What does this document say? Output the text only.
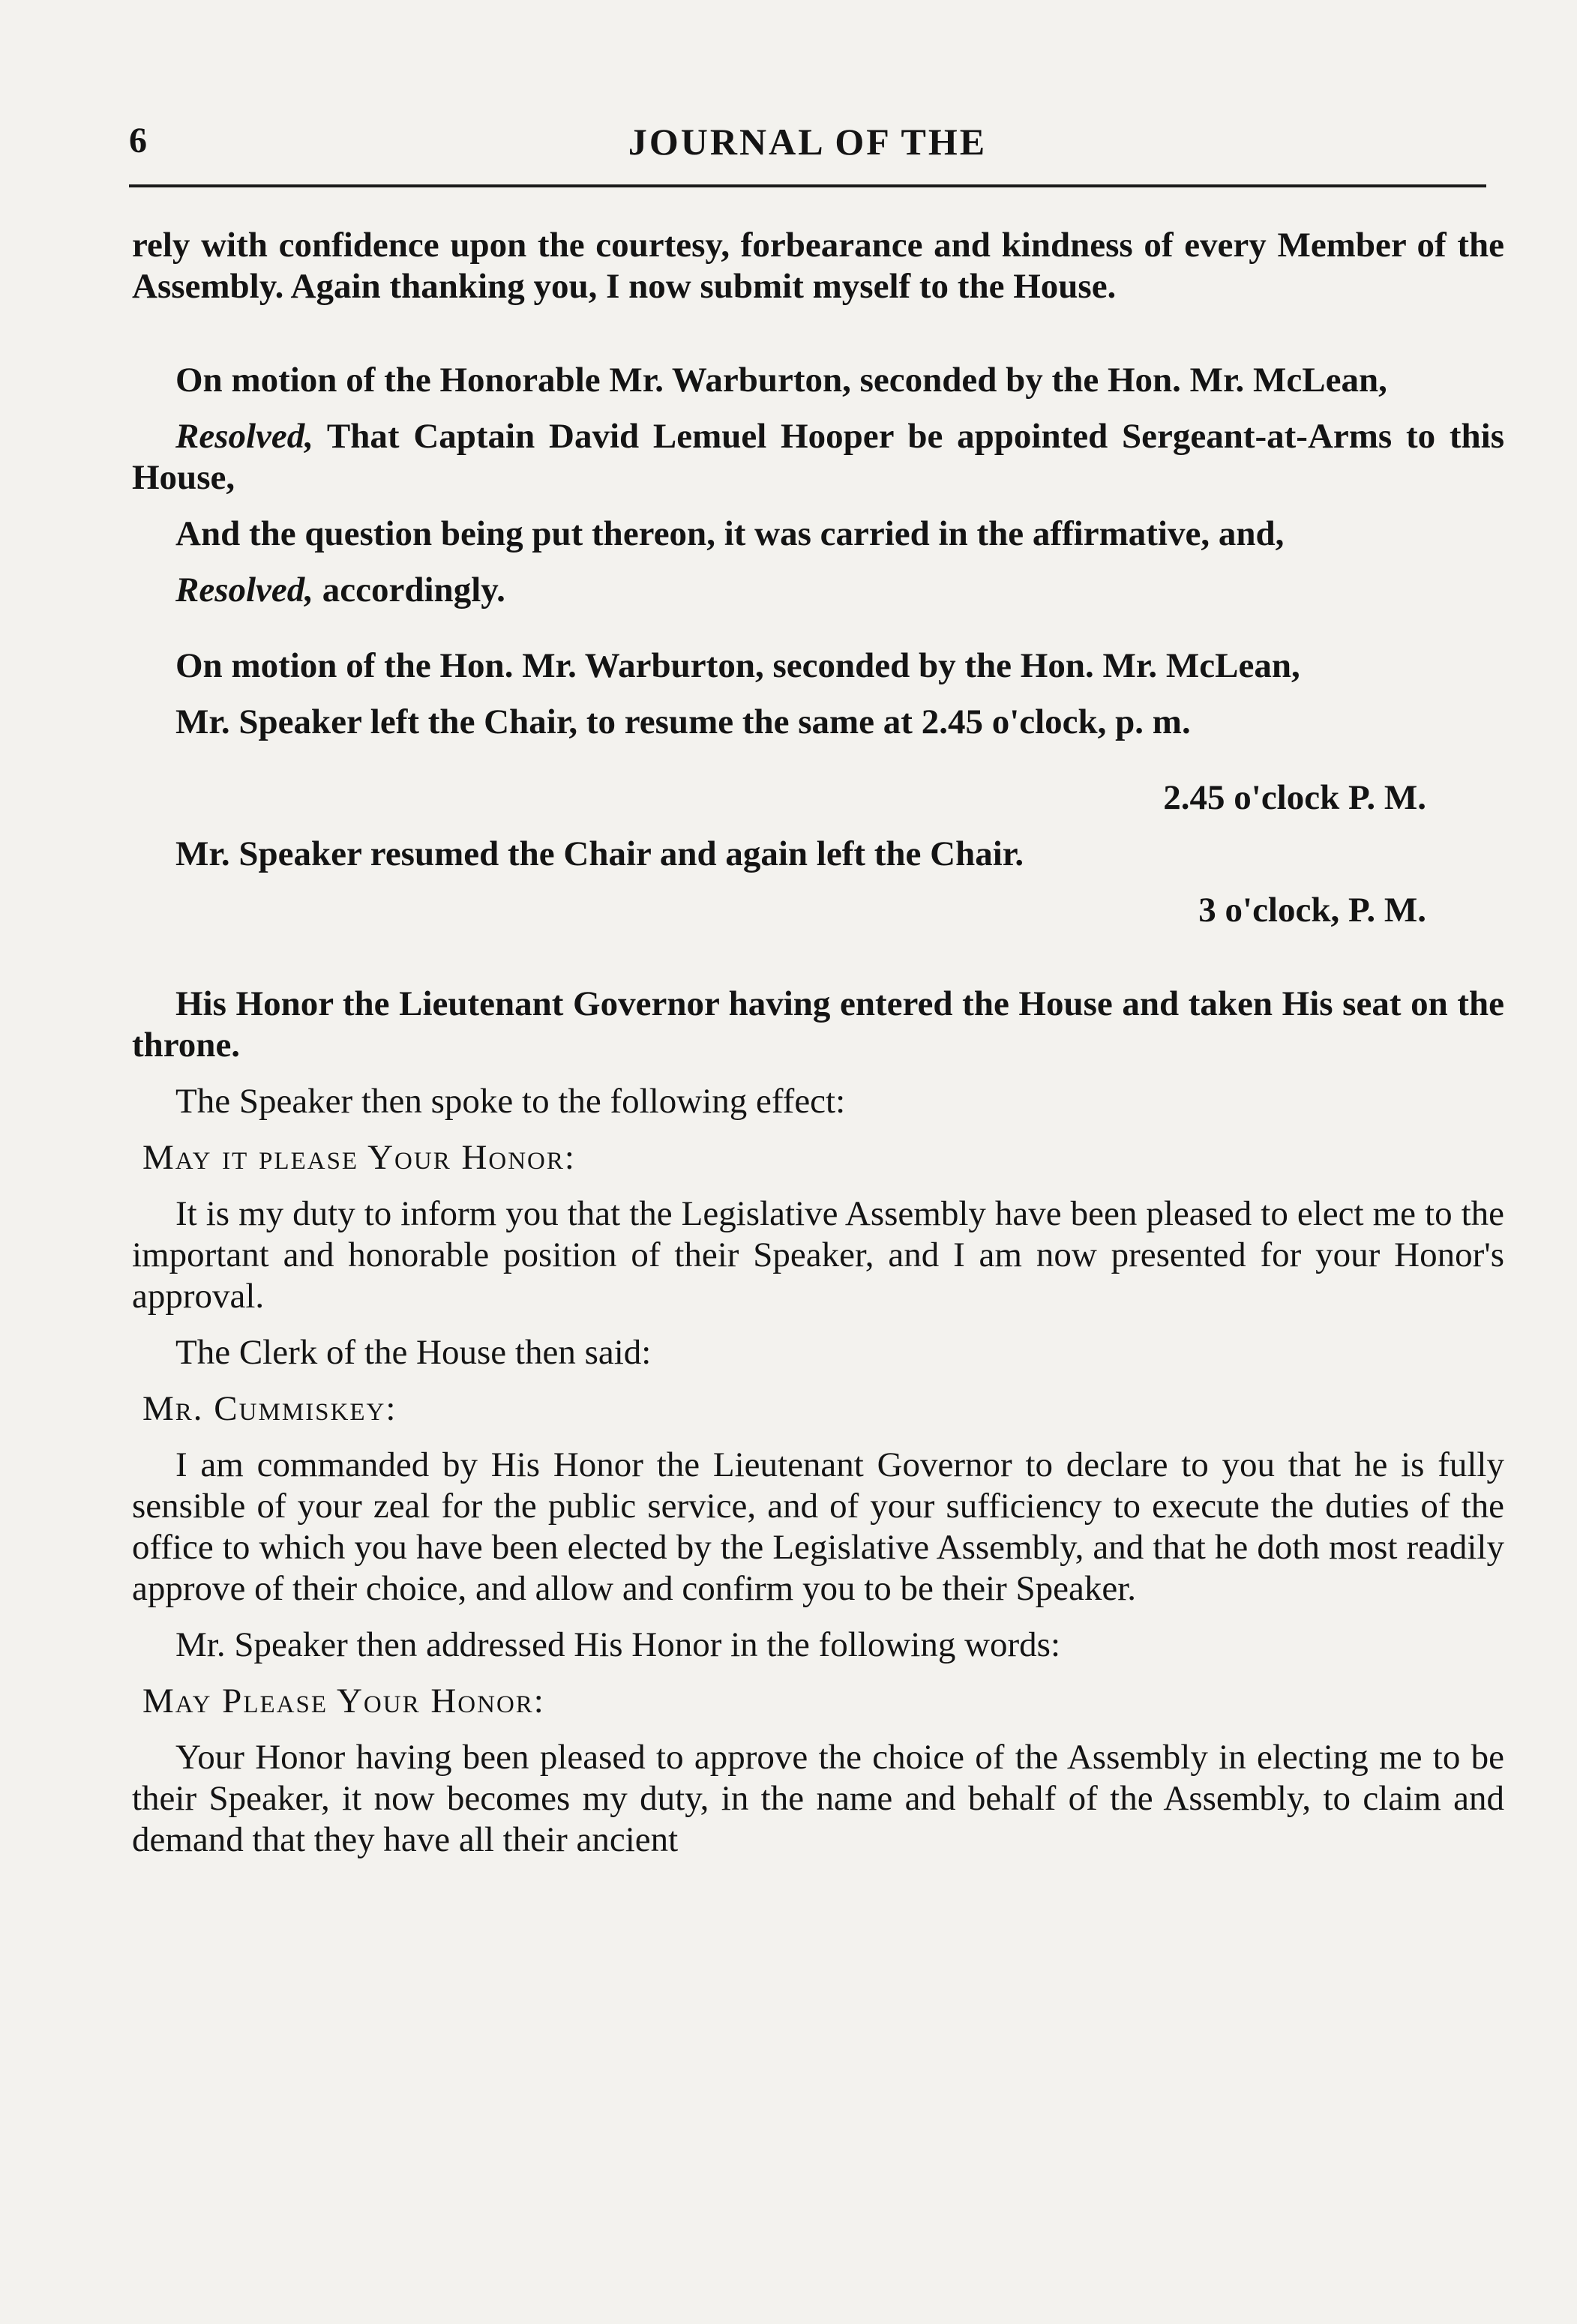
6	JOURNAL OF THE

rely with confidence upon the courtesy, forbearance and kindness of every Member of the Assembly. Again thanking you, I now submit myself to the House.

On motion of the Honorable Mr. Warburton, seconded by the Hon. Mr. McLean,

Resolved, That Captain David Lemuel Hooper be appointed Sergeant-at-Arms to this House,

And the question being put thereon, it was carried in the affirmative, and,

Resolved, accordingly.

On motion of the Hon. Mr. Warburton, seconded by the Hon. Mr. McLean,

Mr. Speaker left the Chair, to resume the same at 2.45 o'clock, p. m.

2.45 o'clock P. M.

Mr. Speaker resumed the Chair and again left the Chair.

3 o'clock, P. M.

His Honor the Lieutenant Governor having entered the House and taken His seat on the throne.

The Speaker then spoke to the following effect:

May it please Your Honor:

It is my duty to inform you that the Legislative Assembly have been pleased to elect me to the important and honorable position of their Speaker, and I am now presented for your Honor's approval.

The Clerk of the House then said:

Mr. Cummiskey:

I am commanded by His Honor the Lieutenant Governor to declare to you that he is fully sensible of your zeal for the public service, and of your sufficiency to execute the duties of the office to which you have been elected by the Legislative Assembly, and that he doth most readily approve of their choice, and allow and confirm you to be their Speaker.

Mr. Speaker then addressed His Honor in the following words:

May Please Your Honor:

Your Honor having been pleased to approve the choice of the Assembly in electing me to be their Speaker, it now becomes my duty, in the name and behalf of the Assembly, to claim and demand that they have all their ancient
